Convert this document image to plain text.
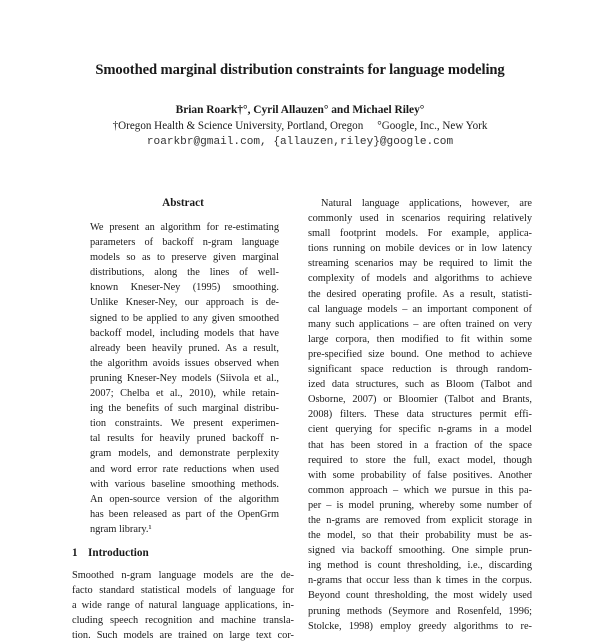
Smoothed marginal distribution constraints for language modeling
Brian Roark†°, Cyril Allauzen° and Michael Riley°
†Oregon Health & Science University, Portland, Oregon °Google, Inc., New York
roarkbr@gmail.com, {allauzen,riley}@google.com
Abstract
We present an algorithm for re-estimating
parameters of backoff n-gram language
models so as to preserve given marginal
distributions, along the lines of well-
known Kneser-Ney (1995) smoothing.
Unlike Kneser-Ney, our approach is de-
signed to be applied to any given smoothed
backoff model, including models that have
already been heavily pruned. As a result,
the algorithm avoids issues observed when
pruning Kneser-Ney models (Siivola et al.,
2007; Chelba et al., 2010), while retain-
ing the benefits of such marginal distribu-
tion constraints. We present experimen-
tal results for heavily pruned backoff n-
gram models, and demonstrate perplexity
and word error rate reductions when used
with various baseline smoothing methods.
An open-source version of the algorithm
has been released as part of the OpenGrm
ngram library.¹
1 Introduction
Smoothed n-gram language models are the de-
facto standard statistical models of language for
a wide range of natural language applications, in-
cluding speech recognition and machine transla-
tion. Such models are trained on large text cor-
Natural language applications, however, are
commonly used in scenarios requiring relatively
small footprint models. For example, applica-
tions running on mobile devices or in low latency
streaming scenarios may be required to limit the
complexity of models and algorithms to achieve
the desired operating profile. As a result, statisti-
cal language models – an important component of
many such applications – are often trained on very
large corpora, then modified to fit within some
pre-specified size bound. One method to achieve
significant space reduction is through random-
ized data structures, such as Bloom (Talbot and
Osborne, 2007) or Bloomier (Talbot and Brants,
2008) filters. These data structures permit effi-
cient querying for specific n-grams in a model
that has been stored in a fraction of the space
required to store the full, exact model, though
with some probability of false positives. Another
common approach – which we pursue in this pa-
per – is model pruning, whereby some number of
the n-grams are removed from explicit storage in
the model, so that their probability must be as-
signed via backoff smoothing. One simple prun-
ing method is count thresholding, i.e., discarding
n-grams that occur less than k times in the corpus.
Beyond count thresholding, the most widely used
pruning methods (Seymore and Rosenfeld, 1996;
Stolcke, 1998) employ greedy algorithms to re-
